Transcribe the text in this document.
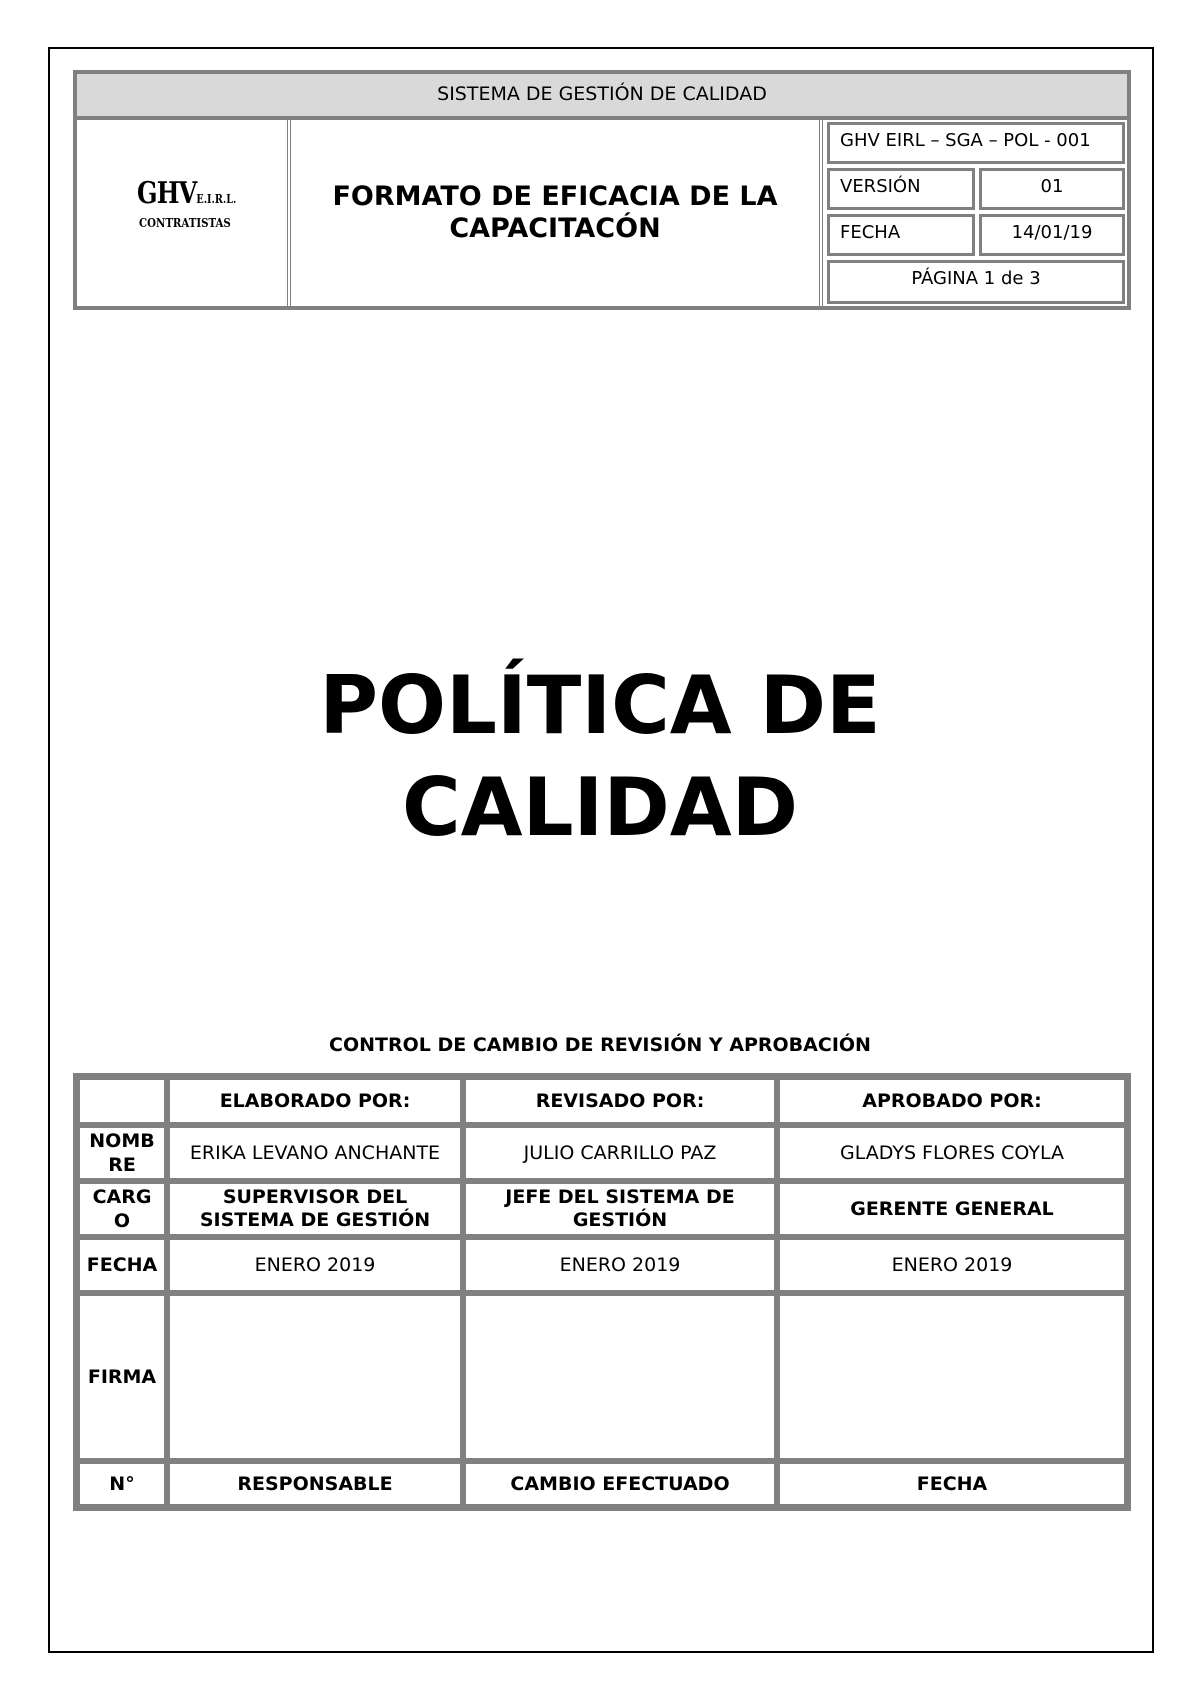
SISTEMA DE GESTIÓN DE CALIDAD
GHVE.I.R.L.
CONTRATISTAS
FORMATO DE EFICACIA DE LA CAPACITACÓN
GHV EIRL – SGA – POL - 001
VERSIÓN	01
FECHA	14/01/19
PÁGINA 1 de 3
POLÍTICA DE
CALIDAD
CONTROL DE CAMBIO DE REVISIÓN Y APROBACIÓN
	ELABORADO POR:	REVISADO POR:	APROBADO POR:
NOMBRE	ERIKA LEVANO ANCHANTE	JULIO CARRILLO PAZ	GLADYS FLORES COYLA
CARGO	SUPERVISOR DEL SISTEMA DE GESTIÓN	JEFE DEL SISTEMA DE GESTIÓN	GERENTE GENERAL
FECHA	ENERO 2019	ENERO 2019	ENERO 2019
FIRMA			
N°	RESPONSABLE	CAMBIO EFECTUADO	FECHA
